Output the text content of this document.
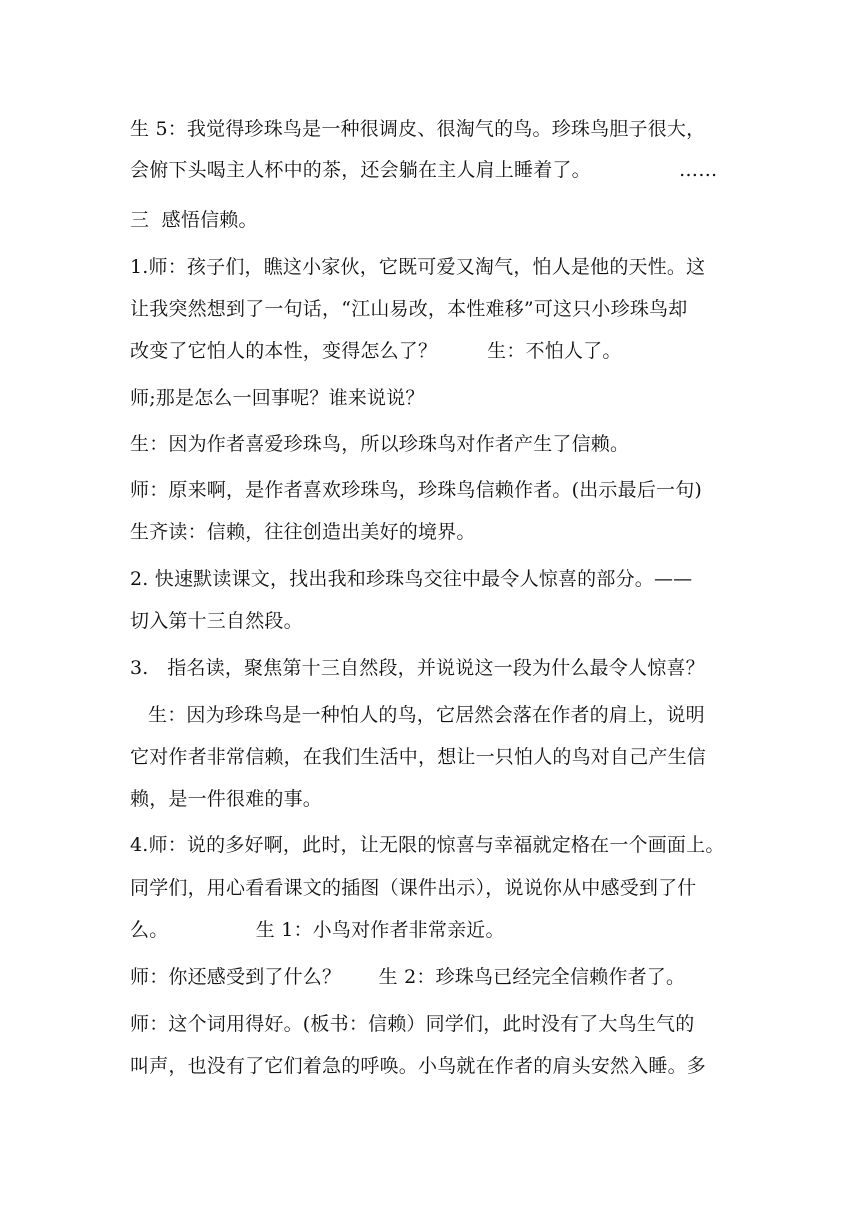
生 5：我觉得珍珠鸟是一种很调皮、很淘气的鸟。珍珠鸟胆子很大，
会俯下头喝主人杯中的茶，还会躺在主人肩上睡着了。	……
三  感悟信赖。
1.师：孩子们，瞧这小家伙，它既可爱又淘气，怕人是他的天性。这
让我突然想到了一句话，“江山易改，本性难移”可这只小珍珠鸟却
改变了它怕人的本性，变得怎么了？        生：不怕人了。
师;那是怎么一回事呢？谁来说说？
生：因为作者喜爱珍珠鸟，所以珍珠鸟对作者产生了信赖。
师：原来啊，是作者喜欢珍珠鸟，珍珠鸟信赖作者。(出示最后一句)
生齐读：信赖，往往创造出美好的境界。
2. 快速默读课文，找出我和珍珠鸟交往中最令人惊喜的部分。——
切入第十三自然段。
3.   指名读，聚焦第十三自然段，并说说这一段为什么最令人惊喜？
生：因为珍珠鸟是一种怕人的鸟，它居然会落在作者的肩上，说明
它对作者非常信赖，在我们生活中，想让一只怕人的鸟对自己产生信
赖，是一件很难的事。
4.师：说的多好啊，此时，让无限的惊喜与幸福就定格在一个画面上。
同学们，用心看看课文的插图（课件出示），说说你从中感受到了什
么。              生 1：小鸟对作者非常亲近。
师：你还感受到了什么？      生 2：珍珠鸟已经完全信赖作者了。
师：这个词用得好。(板书：信赖）同学们，此时没有了大鸟生气的
叫声，也没有了它们着急的呼唤。小鸟就在作者的肩头安然入睡。多
